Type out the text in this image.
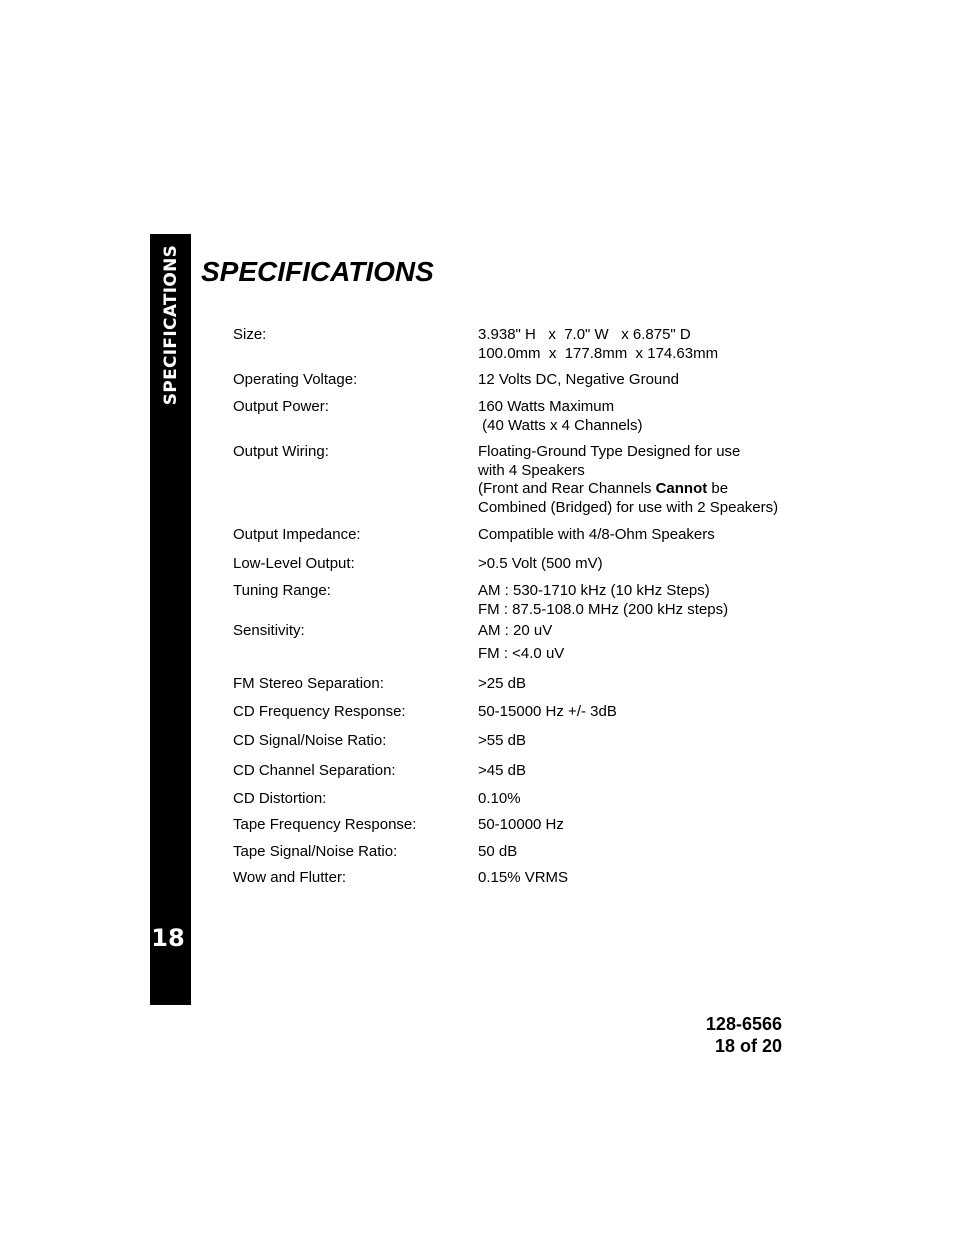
SPECIFICATIONS
18
SPECIFICATIONS
Size:	3.938" H   x  7.0" W   x 6.875" D
100.0mm  x  177.8mm  x 174.63mm
Operating Voltage:	12 Volts DC, Negative Ground
Output Power:	160 Watts Maximum
(40 Watts x 4 Channels)
Output Wiring:	Floating-Ground Type Designed for use
with 4 Speakers
(Front and Rear Channels Cannot be
Combined (Bridged) for use with 2 Speakers)
Output Impedance:	Compatible with 4/8-Ohm Speakers
Low-Level Output:	>0.5 Volt (500 mV)
Tuning Range:	AM : 530-1710 kHz (10 kHz Steps)
FM : 87.5-108.0 MHz (200 kHz steps)
Sensitivity:	AM : 20 uV
FM : <4.0 uV
FM Stereo Separation:	>25 dB
CD Frequency Response:	50-15000 Hz +/- 3dB
CD Signal/Noise Ratio:	>55 dB
CD Channel Separation:	>45 dB
CD Distortion:	0.10%
Tape Frequency Response:	50-10000 Hz
Tape Signal/Noise Ratio:	50 dB
Wow and Flutter:	0.15% VRMS
128-6566
18 of 20
